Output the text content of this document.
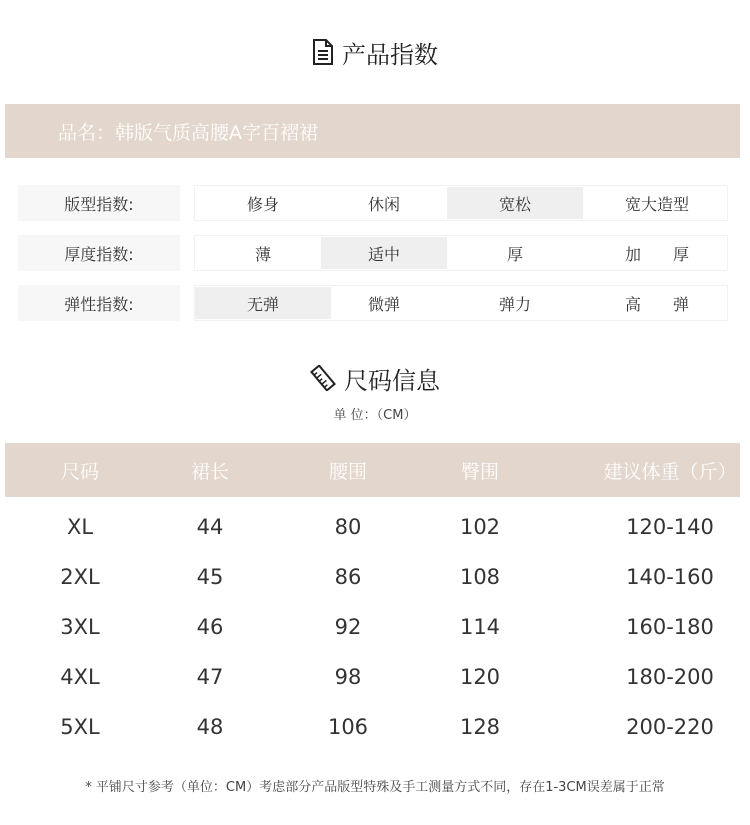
产品指数
品名：韩版气质高腰A字百褶裙
版型指数:	修身	休闲	宽松	宽大造型
厚度指数:	薄	适中	厚	加　　厚
弹性指数:	无弹	微弹	弹力	高　　弹
尺码信息
单 位：（CM）
尺码	裙长	腰围	臀围	建议体重（斤）
XL	44	80	102	120-140
2XL	45	86	108	140-160
3XL	46	92	114	160-180
4XL	47	98	120	180-200
5XL	48	106	128	200-220
* 平铺尺寸参考（单位：CM）考虑部分产品版型特殊及手工测量方式不同，存在1-3CM误差属于正常
